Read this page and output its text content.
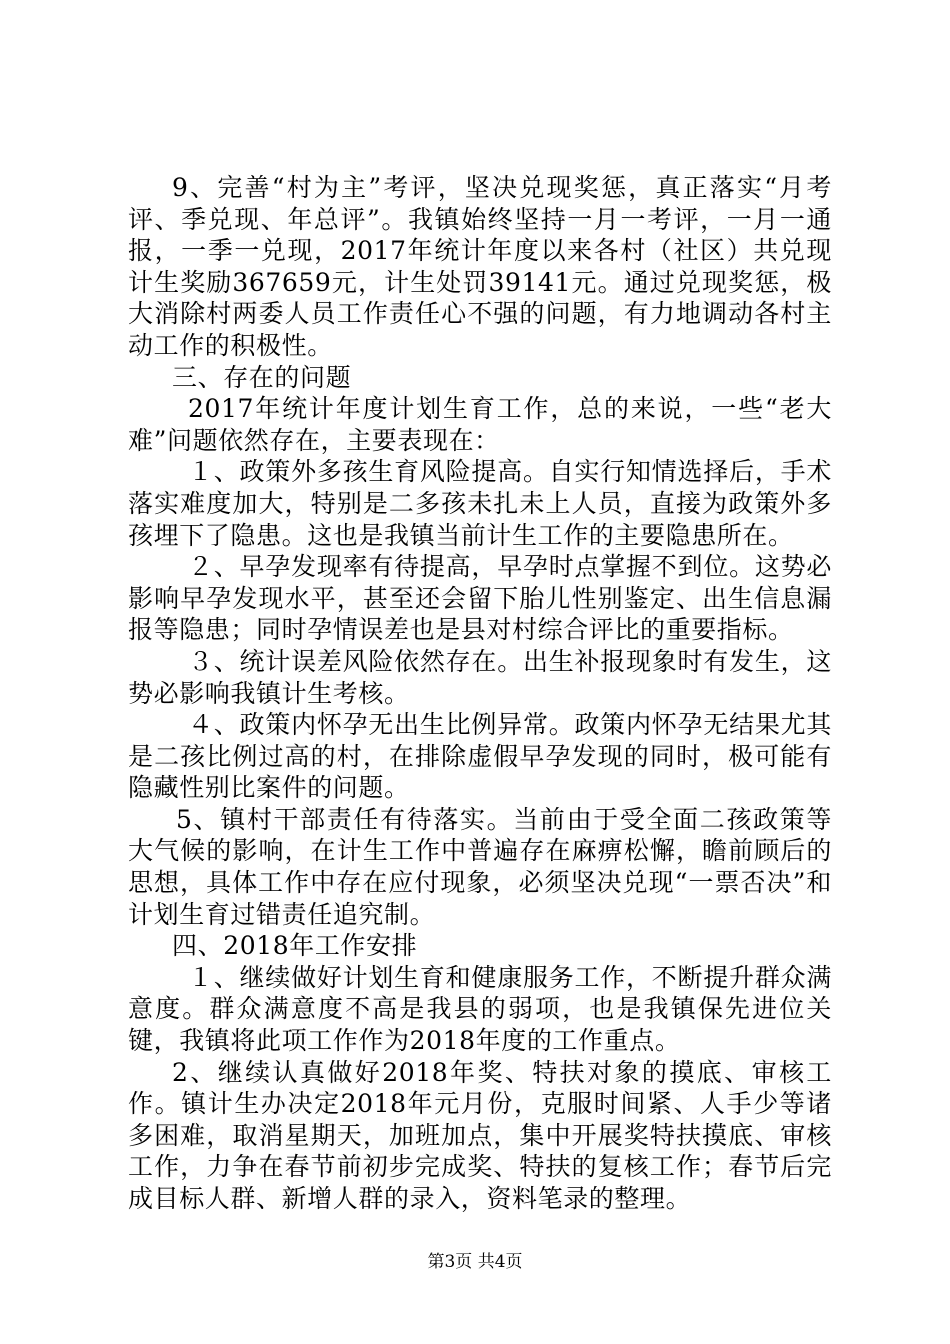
9、完善“村为主”考评，坚决兑现奖惩，真正落实“月考评、季兑现、年总评”。我镇始终坚持一月一考评，一月一通报，一季一兑现，2017年统计年度以来各村（社区）共兑现计生奖励367659元，计生处罚39141元。通过兑现奖惩，极大消除村两委人员工作责任心不强的问题，有力地调动各村主动工作的积极性。

三、存在的问题

2017年统计年度计划生育工作，总的来说，一些“老大难”问题依然存在，主要表现在：

１、政策外多孩生育风险提高。自实行知情选择后，手术落实难度加大，特别是二多孩未扎未上人员，直接为政策外多孩埋下了隐患。这也是我镇当前计生工作的主要隐患所在。

２、早孕发现率有待提高，早孕时点掌握不到位。这势必影响早孕发现水平，甚至还会留下胎儿性别鉴定、出生信息漏报等隐患；同时孕情误差也是县对村综合评比的重要指标。

３、统计误差风险依然存在。出生补报现象时有发生，这势必影响我镇计生考核。

４、政策内怀孕无出生比例异常。政策内怀孕无结果尤其是二孩比例过高的村，在排除虚假早孕发现的同时，极可能有隐藏性别比案件的问题。

5、镇村干部责任有待落实。当前由于受全面二孩政策等大气候的影响，在计生工作中普遍存在麻痹松懈，瞻前顾后的思想，具体工作中存在应付现象，必须坚决兑现“一票否决”和计划生育过错责任追究制。

四、2018年工作安排

１、继续做好计划生育和健康服务工作，不断提升群众满意度。群众满意度不高是我县的弱项，也是我镇保先进位关键，我镇将此项工作作为2018年度的工作重点。

2、继续认真做好2018年奖、特扶对象的摸底、审核工作。镇计生办决定2018年元月份，克服时间紧、人手少等诸多困难，取消星期天，加班加点，集中开展奖特扶摸底、审核工作，力争在春节前初步完成奖、特扶的复核工作；春节后完成目标人群、新增人群的录入，资料笔录的整理。

第3页 共4页
